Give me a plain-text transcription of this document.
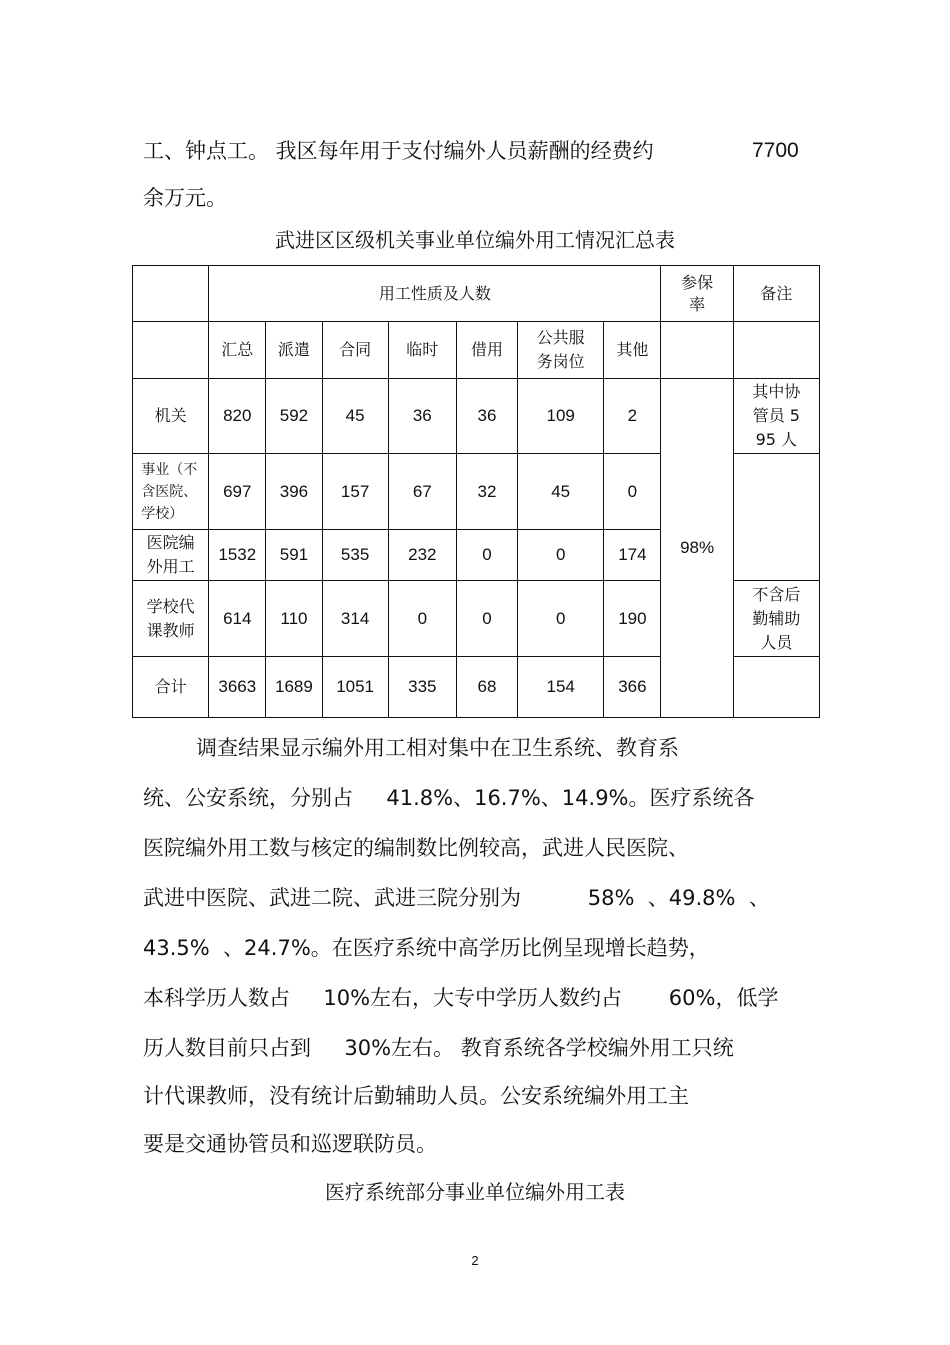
工、钟点工。 我区每年用于支付编外人员薪酬的经费约	7700
余万元。
武进区区级机关事业单位编外用工情况汇总表
	用工性质及人数							参保率	备注
	汇总	派遣	合同	临时	借用	公共服务岗位	其他		
机关	820	592	45	36	36	109	2	98%	其中协管员 595 人

事业（不含医院、学校）	697	396	157	67	32	45	0		

医院编外用工	1532	591	535	232	0	0	174		

学校代课教师	614	110	314	0	0	0	190		不含后勤辅助人员

合计	3663	1689	1051	335	68	154	366		
调查结果显示编外用工相对集中在卫生系统、教育系
统、公安系统，分别占     41.8%、16.7%、14.9%。医疗系统各
医院编外用工数与核定的编制数比例较高，武进人民医院、
武进中医院、武进二院、武进三院分别为          58%  、49.8%  、
43.5%  、24.7%。在医疗系统中高学历比例呈现增长趋势，
本科学历人数占     10%左右，大专中学历人数约占       60%，低学
历人数目前只占到     30%左右。 教育系统各学校编外用工只统
计代课教师，没有统计后勤辅助人员。公安系统编外用工主
要是交通协管员和巡逻联防员。
医疗系统部分事业单位编外用工表
2
